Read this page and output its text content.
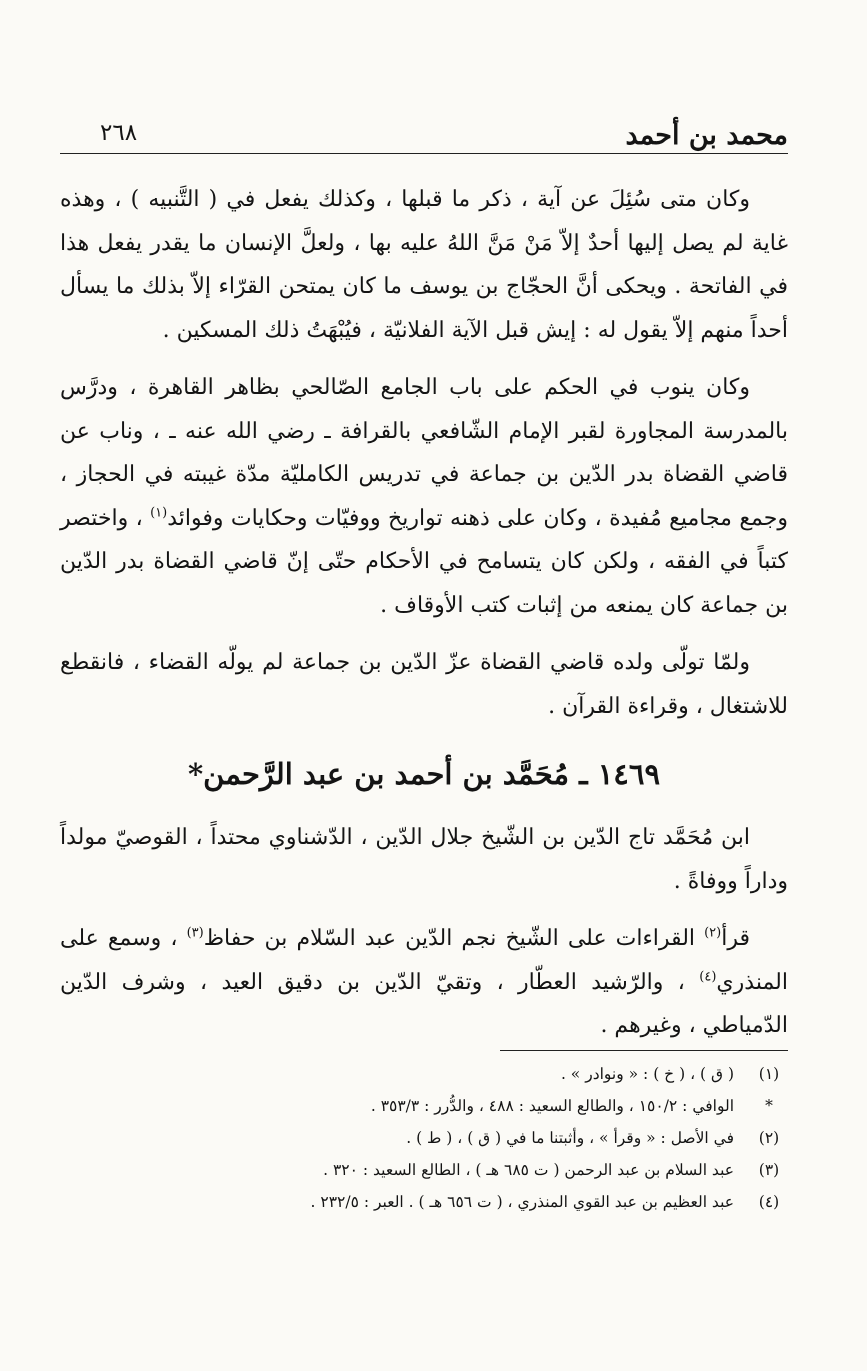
محمد بن أحمد
٢٦٨

وكان متى سُئِلَ عن آية ، ذكر ما قبلها ، وكذلك يفعل في ( التَّنبيه ) ، وهذه غاية لم يصل إليها أحدٌ إلاّ مَنْ مَنَّ اللهُ عليه بها ، ولعلَّ الإنسان ما يقدر يفعل هذا في الفاتحة . ويحكى أنَّ الحجّاج بن يوسف ما كان يمتحن القرّاء إلاّ بذلك ما يسأل أحداً منهم إلاّ يقول له : إيش قبل الآية الفلانيّة ، فيُبْهَتُ ذلك المسكين .

وكان ينوب في الحكم على باب الجامع الصّالحي بظاهر القاهرة ، ودرَّس بالمدرسة المجاورة لقبر الإمام الشّافعي بالقرافة ـ رضي الله عنه ـ ، وناب عن قاضي القضاة بدر الدّين بن جماعة في تدريس الكامليّة مدّة غيبته في الحجاز ، وجمع مجاميع مُفيدة ، وكان على ذهنه تواريخ ووفيّات وحكايات وفوائد$^{(١)}$ ، واختصر كتباً في الفقه ، ولكن كان يتسامح في الأحكام حتّى إنّ قاضي القضاة بدر الدّين بن جماعة كان يمنعه من إثبات كتب الأوقاف .

ولمّا تولّى ولده قاضي القضاة عزّ الدّين بن جماعة لم يولّه القضاء ، فانقطع للاشتغال ، وقراءة القرآن .

١٤٦٩ ـ مُحَمَّد بن أحمد بن عبد الرَّحمن*

ابن مُحَمَّد تاج الدّين بن الشّيخ جلال الدّين ، الدّشناوي محتداً ، القوصيّ مولداً وداراً ووفاةً .

قرأ$^{(٢)}$ القراءات على الشّيخ نجم الدّين عبد السّلام بن حفاظ$^{(٣)}$ ، وسمع على المنذري$^{(٤)}$ ، والرّشيد العطّار ، وتقيّ الدّين بن دقيق العيد ، وشرف الدّين الدّمياطي ، وغيرهم .

(١)
( ق ) ، ( خ ) : « ونوادر » .
*
الوافي : ١٥٠/٢ ، والطالع السعيد : ٤٨٨ ، والدُّرر : ٣٥٣/٣ .
(٢)
في الأصل : « وقرأ » ، وأثبتنا ما في ( ق ) ، ( ط ) .
(٣)
عبد السلام بن عبد الرحمن ( ت ٦٨٥ هـ ) ، الطالع السعيد : ٣٢٠ .
(٤)
عبد العظيم بن عبد القوي المنذري ، ( ت ٦٥٦ هـ ) . العبر : ٢٣٢/٥ .
